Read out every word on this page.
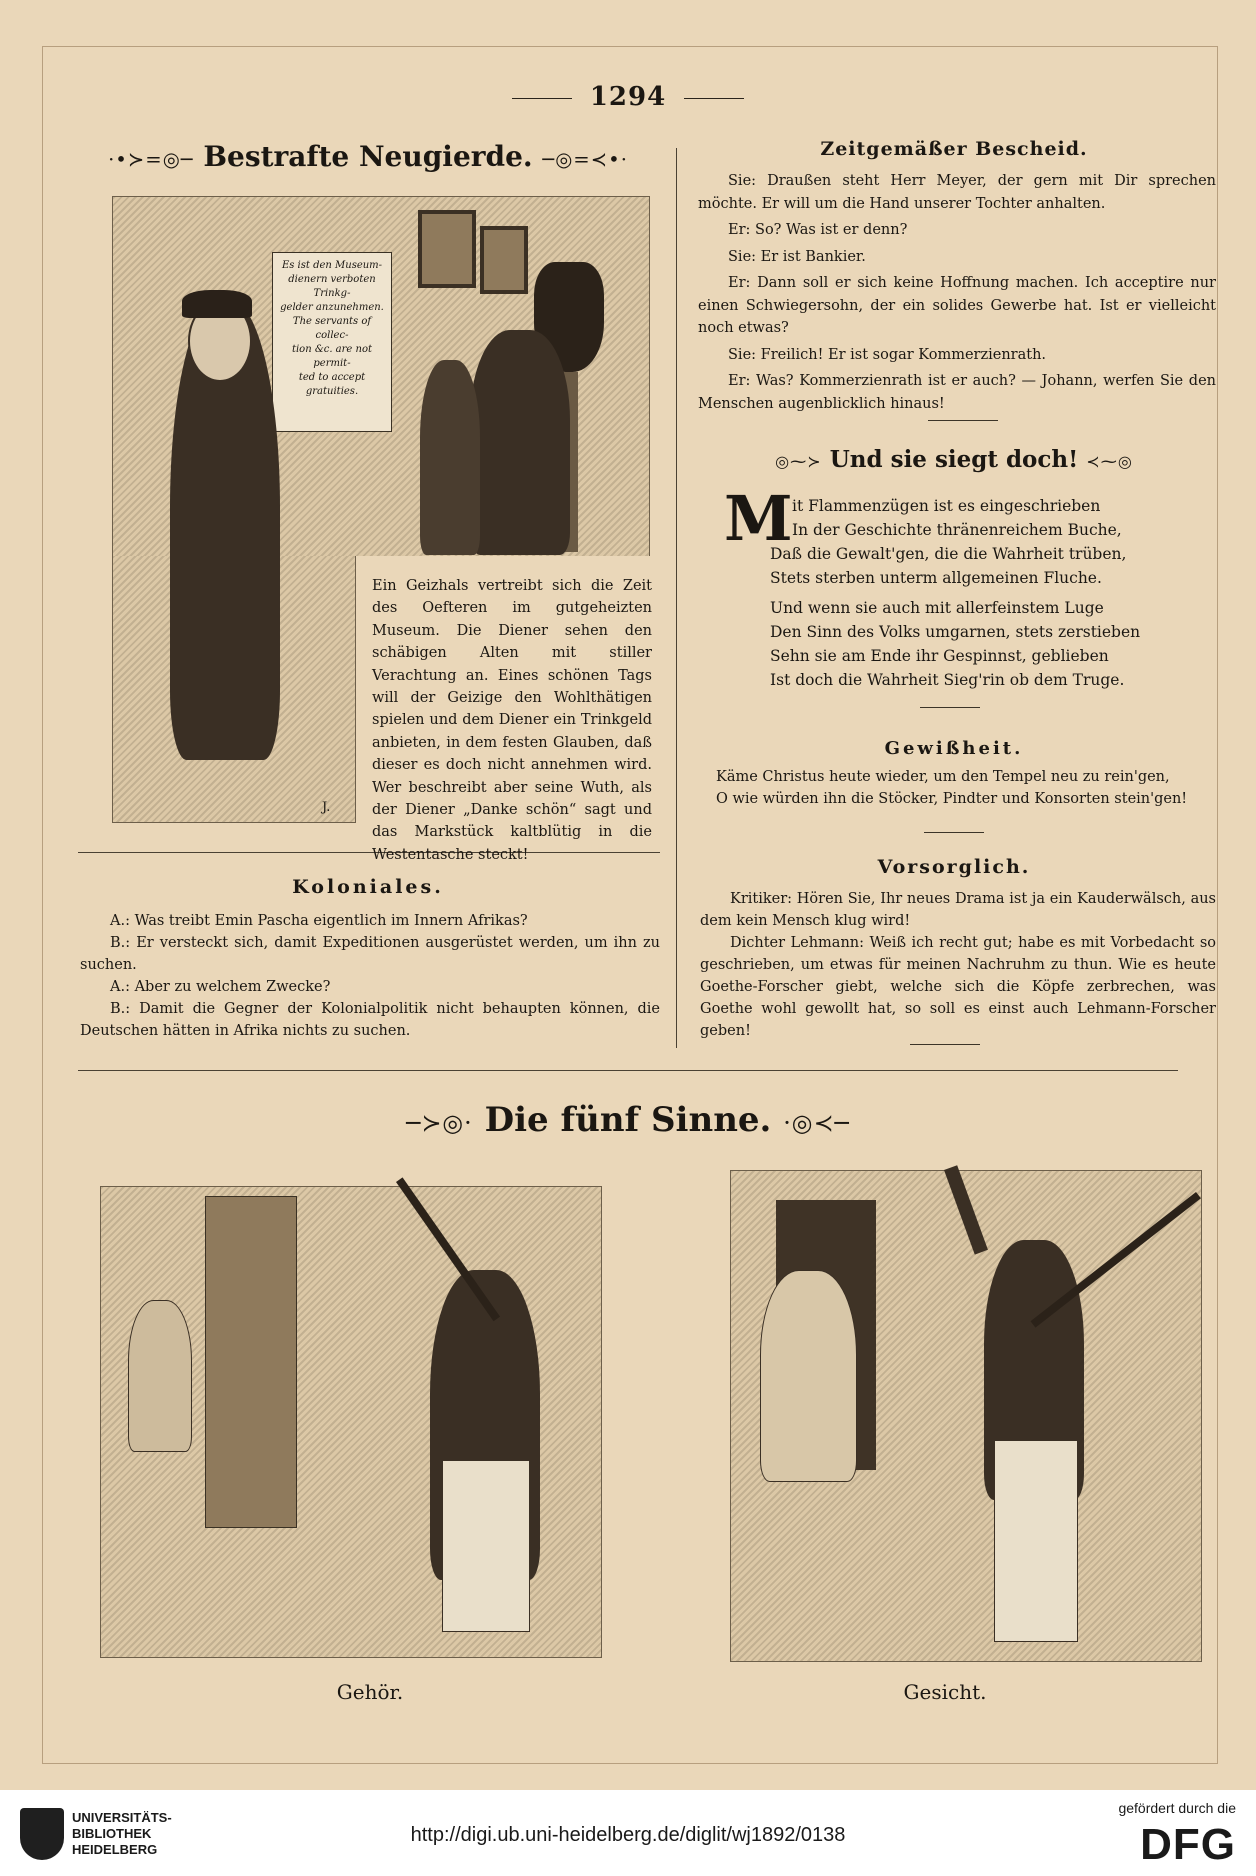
1294
·•≻=◎─ Bestrafte Neugierde. ─◎=≺•·
Es ist den Museum-
dienern verboten Trinkg-
gelder anzunehmen.
The servants of collec-
tion &c. are not permit-
ted to accept gratuities.
Ein Geizhals vertreibt sich die Zeit des Oefteren im gutgeheizten Museum. Die Diener sehen den schäbigen Alten mit stiller Verachtung an. Eines schönen Tags will der Geizige den Wohlthätigen spielen und dem Diener ein Trinkgeld anbieten, in dem festen Glauben, daß dieser es doch nicht annehmen wird. Wer beschreibt aber seine Wuth, als der Diener „Danke schön“ sagt und das Markstück kaltblütig in die Westentasche steckt!
J.
Koloniales.

A.: Was treibt Emin Pascha eigentlich im Innern Afrikas?

B.: Er versteckt sich, damit Expeditionen ausgerüstet werden, um ihn zu suchen.

A.: Aber zu welchem Zwecke?

B.: Damit die Gegner der Kolonialpolitik nicht behaupten können, die Deutschen hätten in Afrika nichts zu suchen.

Zeitgemäßer Bescheid.

Sie: Draußen steht Herr Meyer, der gern mit Dir sprechen möchte. Er will um die Hand unserer Tochter anhalten.

Er: So? Was ist er denn?

Sie: Er ist Bankier.

Er: Dann soll er sich keine Hoffnung machen. Ich acceptire nur einen Schwiegersohn, der ein solides Gewerbe hat. Ist er vielleicht noch etwas?

Sie: Freilich! Er ist sogar Kommerzienrath.

Er: Was? Kommerzienrath ist er auch? — Johann, werfen Sie den Menschen augenblicklich hinaus!

◎⁓≻ Und sie siegt doch! ≺⁓◎
M it Flammenzügen ist es eingeschrieben
In der Geschichte thränenreichem Buche,
Daß die Gewalt'gen, die die Wahrheit trüben,
Stets sterben unterm allgemeinen Fluche.
Und wenn sie auch mit allerfeinstem Luge
Den Sinn des Volks umgarnen, stets zerstieben
Sehn sie am Ende ihr Gespinnst, geblieben
Ist doch die Wahrheit Sieg'rin ob dem Truge.
Gewißheit.
Käme Christus heute wieder, um den Tempel neu zu rein'gen,
O wie würden ihn die Stöcker, Pindter und Konsorten stein'gen!
Vorsorglich.

Kritiker: Hören Sie, Ihr neues Drama ist ja ein Kauderwälsch, aus dem kein Mensch klug wird!

Dichter Lehmann: Weiß ich recht gut; habe es mit Vorbedacht so geschrieben, um etwas für meinen Nachruhm zu thun. Wie es heute Goethe-Forscher giebt, welche sich die Köpfe zerbrechen, was Goethe wohl gewollt hat, so soll es einst auch Lehmann-Forscher geben!

─≻◎· Die fünf Sinne. ·◎≺─
Gehör.	Gesicht.
UNIVERSITÄTS-
BIBLIOTHEK
HEIDELBERG
http://digi.ub.uni-heidelberg.de/diglit/wj1892/0138
gefördert durch die
DFG
